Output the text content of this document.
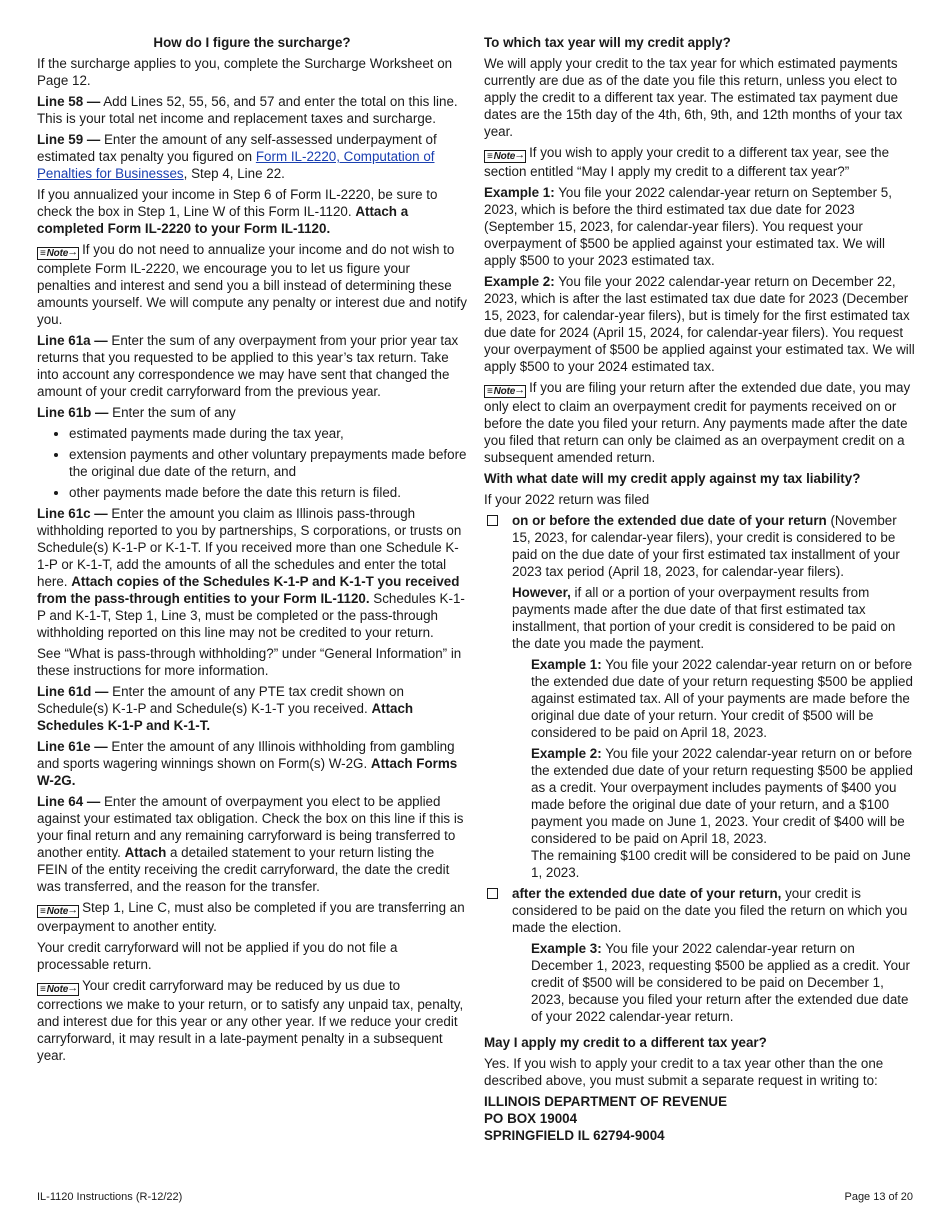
How do I figure the surcharge?

If the surcharge applies to you, complete the Surcharge Worksheet on Page 12.

Line 58 — Add Lines 52, 55, 56, and 57 and enter the total on this line. This is your total net income and replacement taxes and surcharge.

Line 59 — Enter the amount of any self-assessed underpayment of estimated tax penalty you figured on Form IL-2220, Computation of Penalties for Businesses, Step 4, Line 22.

If you annualized your income in Step 6 of Form IL-2220, be sure to check the box in Step 1, Line W of this Form IL-1120. Attach a completed Form IL-2220 to your Form IL-1120.

≡ Note → If you do not need to annualize your income and do not wish to complete Form IL-2220, we encourage you to let us figure your penalties and interest and send you a bill instead of determining these amounts yourself. We will compute any penalty or interest due and notify you.

Line 61a — Enter the sum of any overpayment from your prior year tax returns that you requested to be applied to this year’s tax return. Take into account any correspondence we may have sent that changed the amount of your credit carryforward from the previous year.

Line 61b — Enter the sum of any

• estimated payments made during the tax year,
• extension payments and other voluntary prepayments made before the original due date of the return, and
• other payments made before the date this return is filed.

Line 61c — Enter the amount you claim as Illinois pass-through withholding reported to you by partnerships, S corporations, or trusts on Schedule(s) K-1-P or K-1-T. If you received more than one Schedule K-1-P or K-1-T, add the amounts of all the schedules and enter the total here. Attach copies of the Schedules K-1-P and K-1-T you received from the pass-through entities to your Form IL-1120. Schedules K-1-P and K-1-T, Step 1, Line 3, must be completed or the pass-through withholding reported on this line may not be credited to your return.

See “What is pass-through withholding?” under “General Information” in these instructions for more information.

Line 61d — Enter the amount of any PTE tax credit shown on Schedule(s) K-1-P and Schedule(s) K-1-T you received. Attach Schedules K-1-P and K-1-T.

Line 61e — Enter the amount of any Illinois withholding from gambling and sports wagering winnings shown on Form(s) W-2G. Attach Forms W-2G.

Line 64 — Enter the amount of overpayment you elect to be applied against your estimated tax obligation. Check the box on this line if this is your final return and any remaining carryforward is being transferred to another entity. Attach a detailed statement to your return listing the FEIN of the entity receiving the credit carryforward, the date the credit was transferred, and the reason for the transfer.

≡ Note → Step 1, Line C, must also be completed if you are transferring an overpayment to another entity.

Your credit carryforward will not be applied if you do not file a processable return.

≡ Note → Your credit carryforward may be reduced by us due to corrections we make to your return, or to satisfy any unpaid tax, penalty, and interest due for this year or any other year. If we reduce your credit carryforward, it may result in a late-payment penalty in a subsequent year.

To which tax year will my credit apply?

We will apply your credit to the tax year for which estimated payments currently are due as of the date you file this return, unless you elect to apply the credit to a different tax year. The estimated tax payment due dates are the 15th day of the 4th, 6th, 9th, and 12th months of your tax year.

≡ Note → If you wish to apply your credit to a different tax year, see the section entitled “May I apply my credit to a different tax year?”

Example 1: You file your 2022 calendar-year return on September 5, 2023, which is before the third estimated tax due date for 2023 (September 15, 2023, for calendar-year filers). You request your overpayment of $500 be applied against your estimated tax. We will apply $500 to your 2023 estimated tax.

Example 2: You file your 2022 calendar-year return on December 22, 2023, which is after the last estimated tax due date for 2023 (December 15, 2023, for calendar-year filers), but is timely for the first estimated tax due date for 2024 (April 15, 2024, for calendar-year filers). You request your overpayment of $500 be applied against your estimated tax. We will apply $500 to your 2024 estimated tax.

≡ Note → If you are filing your return after the extended due date, you may only elect to claim an overpayment credit for payments received on or before the date you filed your return. Any payments made after the date you filed that return can only be claimed as an overpayment credit on a subsequent amended return.

With what date will my credit apply against my tax liability?

If your 2022 return was filed

on or before the extended due date of your return (November 15, 2023, for calendar-year filers), your credit is considered to be paid on the due date of your first estimated tax installment of your 2023 tax period (April 18, 2023, for calendar-year filers).

However, if all or a portion of your overpayment results from payments made after the due date of that first estimated tax installment, that portion of your credit is considered to be paid on the date you made the payment.

Example 1: You file your 2022 calendar-year return on or before the extended due date of your return requesting $500 be applied against estimated tax. All of your payments are made before the original due date of your return. Your credit of $500 will be considered to be paid on April 18, 2023.

Example 2: You file your 2022 calendar-year return on or before the extended due date of your return requesting $500 be applied as a credit. Your overpayment includes payments of $400 you made before the original due date of your return, and a $100 payment you made on June 1, 2023. Your credit of $400 will be considered to be paid on April 18, 2023.

The remaining $100 credit will be considered to be paid on June 1, 2023.

after the extended due date of your return, your credit is considered to be paid on the date you filed the return on which you made the election.

Example 3: You file your 2022 calendar-year return on December 1, 2023, requesting $500 be applied as a credit. Your credit of $500 will be considered to be paid on December 1, 2023, because you filed your return after the extended due date of your 2022 calendar-year return.

May I apply my credit to a different tax year?

Yes. If you wish to apply your credit to a tax year other than the one described above, you must submit a separate request in writing to:

ILLINOIS DEPARTMENT OF REVENUE

PO BOX 19004

SPRINGFIELD IL 62794-9004

IL-1120 Instructions (R-12/22)	Page 13 of 20
